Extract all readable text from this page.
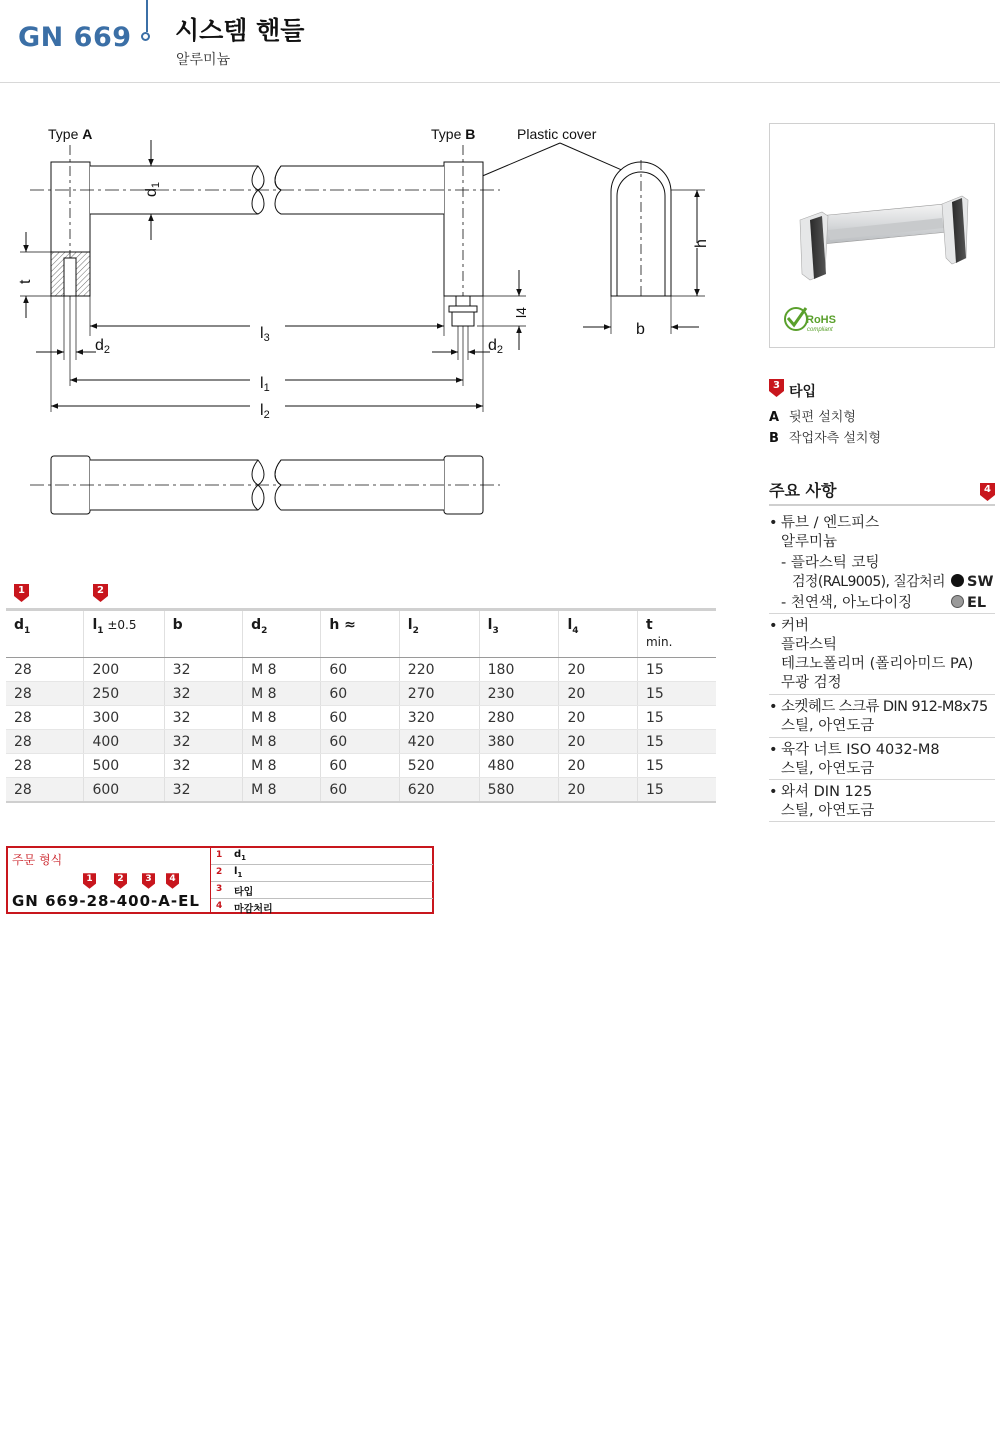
GN 669 시스템 핸들
알루미늄
Type A	Type B	Plastic cover
d1
t
l3
d2	d2
l1
l2
l4
h
b
1	2
$d_1$	$l_1 \pm 0.5$	b	$d_2$	h ≈	$l_2$	$l_3$	$l_4$	t
min.

28	200	32	M 8	60	220	180	20	15
28	250	32	M 8	60	270	230	20	15
28	300	32	M 8	60	320	280	20	15
28	400	32	M 8	60	420	380	20	15
28	500	32	M 8	60	520	480	20	15
28	600	32	M 8	60	620	580	20	15
주문 형식
1	2	3	4
GN 669-28-400-A-EL
1 $d_1$
2 $l_1$
3 타입
4 마감처리
RoHS
compliant
3 타입
A 뒷편 설치형
B 작업자측 설치형
주요 사항	4
• 튜브 / 엔드피스
알루미늄
- 플라스틱 코팅
검정(RAL9005), 질감처리	SW
- 천연색, 아노다이징	EL
• 커버
플라스틱
테크노폴리머 (폴리아미드 PA)
무광 검정
• 소켓헤드 스크류 DIN 912-M8x75
스틸, 아연도금
• 육각 너트 ISO 4032-M8
스틸, 아연도금
• 와셔 DIN 125
스틸, 아연도금
